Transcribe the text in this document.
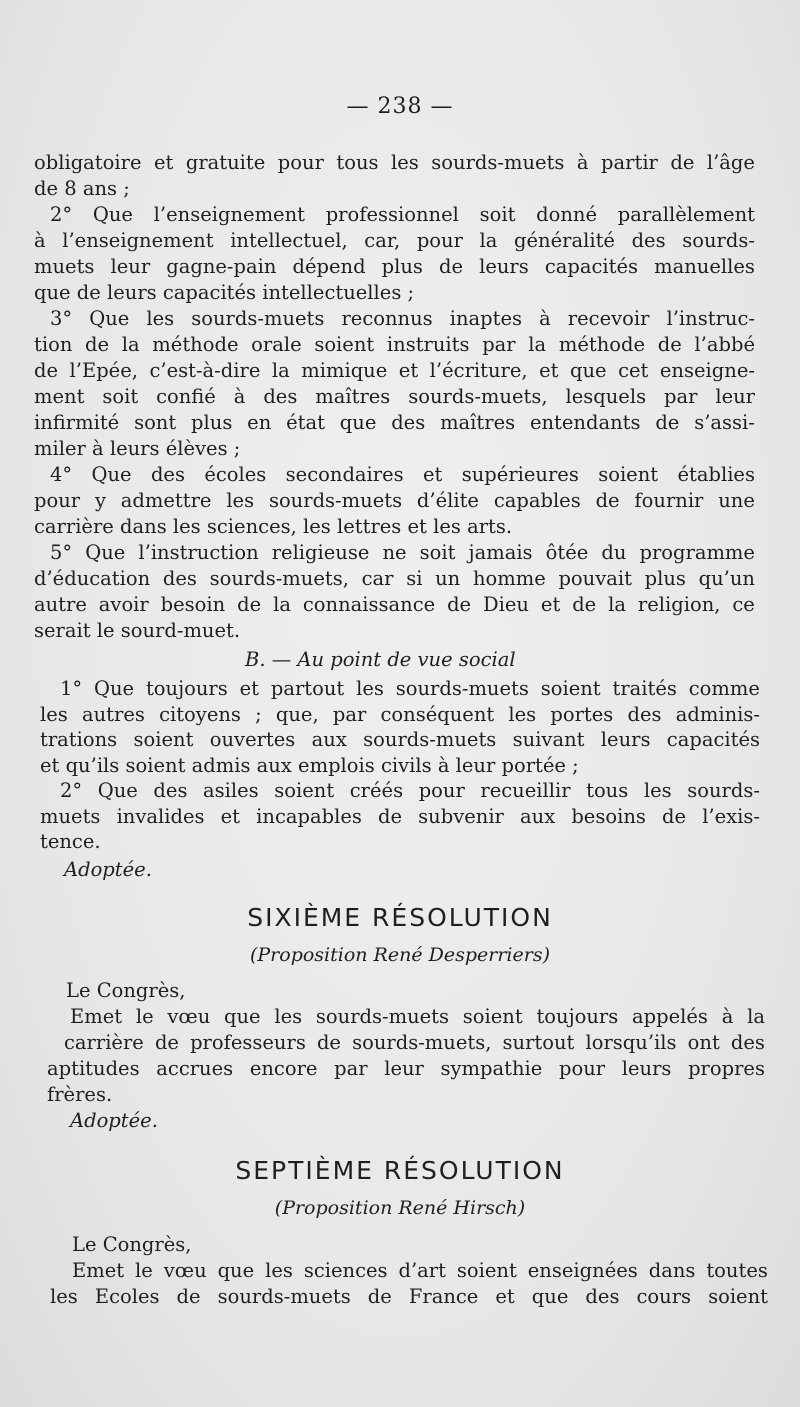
— 238 —
obligatoire et gratuite pour tous les sourds-muets à partir de l’âge
de 8 ans ;
2° Que l’enseignement professionnel soit donné parallèlement
à l’enseignement intellectuel, car, pour la généralité des sourds-
muets leur gagne-pain dépend plus de leurs capacités manuelles
que de leurs capacités intellectuelles ;
3° Que les sourds-muets reconnus inaptes à recevoir l’instruc-
tion de la méthode orale soient instruits par la méthode de l’abbé
de l’Epée, c’est-à-dire la mimique et l’écriture, et que cet enseigne-
ment soit confié à des maîtres sourds-muets, lesquels par leur
infirmité sont plus en état que des maîtres entendants de s’assi-
miler à leurs élèves ;
4° Que des écoles secondaires et supérieures soient établies
pour y admettre les sourds-muets d’élite capables de fournir une
carrière dans les sciences, les lettres et les arts.
5° Que l’instruction religieuse ne soit jamais ôtée du programme
d’éducation des sourds-muets, car si un homme pouvait plus qu’un
autre avoir besoin de la connaissance de Dieu et de la religion, ce
serait le sourd-muet.
B. — Au point de vue social
1° Que toujours et partout les sourds-muets soient traités comme
les autres citoyens ; que, par conséquent les portes des adminis-
trations soient ouvertes aux sourds-muets suivant leurs capacités
et qu’ils soient admis aux emplois civils à leur portée ;
2° Que des asiles soient créés pour recueillir tous les sourds-
muets invalides et incapables de subvenir aux besoins de l’exis-
tence.
Adoptée.
SIXIÈME RÉSOLUTION
(Proposition René Desperriers)
Le Congrès,
Emet le vœu que les sourds-muets soient toujours appelés à la
carrière de professeurs de sourds-muets, surtout lorsqu’ils ont des
aptitudes accrues encore par leur sympathie pour leurs propres
frères.
Adoptée.
SEPTIÈME RÉSOLUTION
(Proposition René Hirsch)
Le Congrès,
Emet le vœu que les sciences d’art soient enseignées dans toutes
les Ecoles de sourds-muets de France et que des cours soient
